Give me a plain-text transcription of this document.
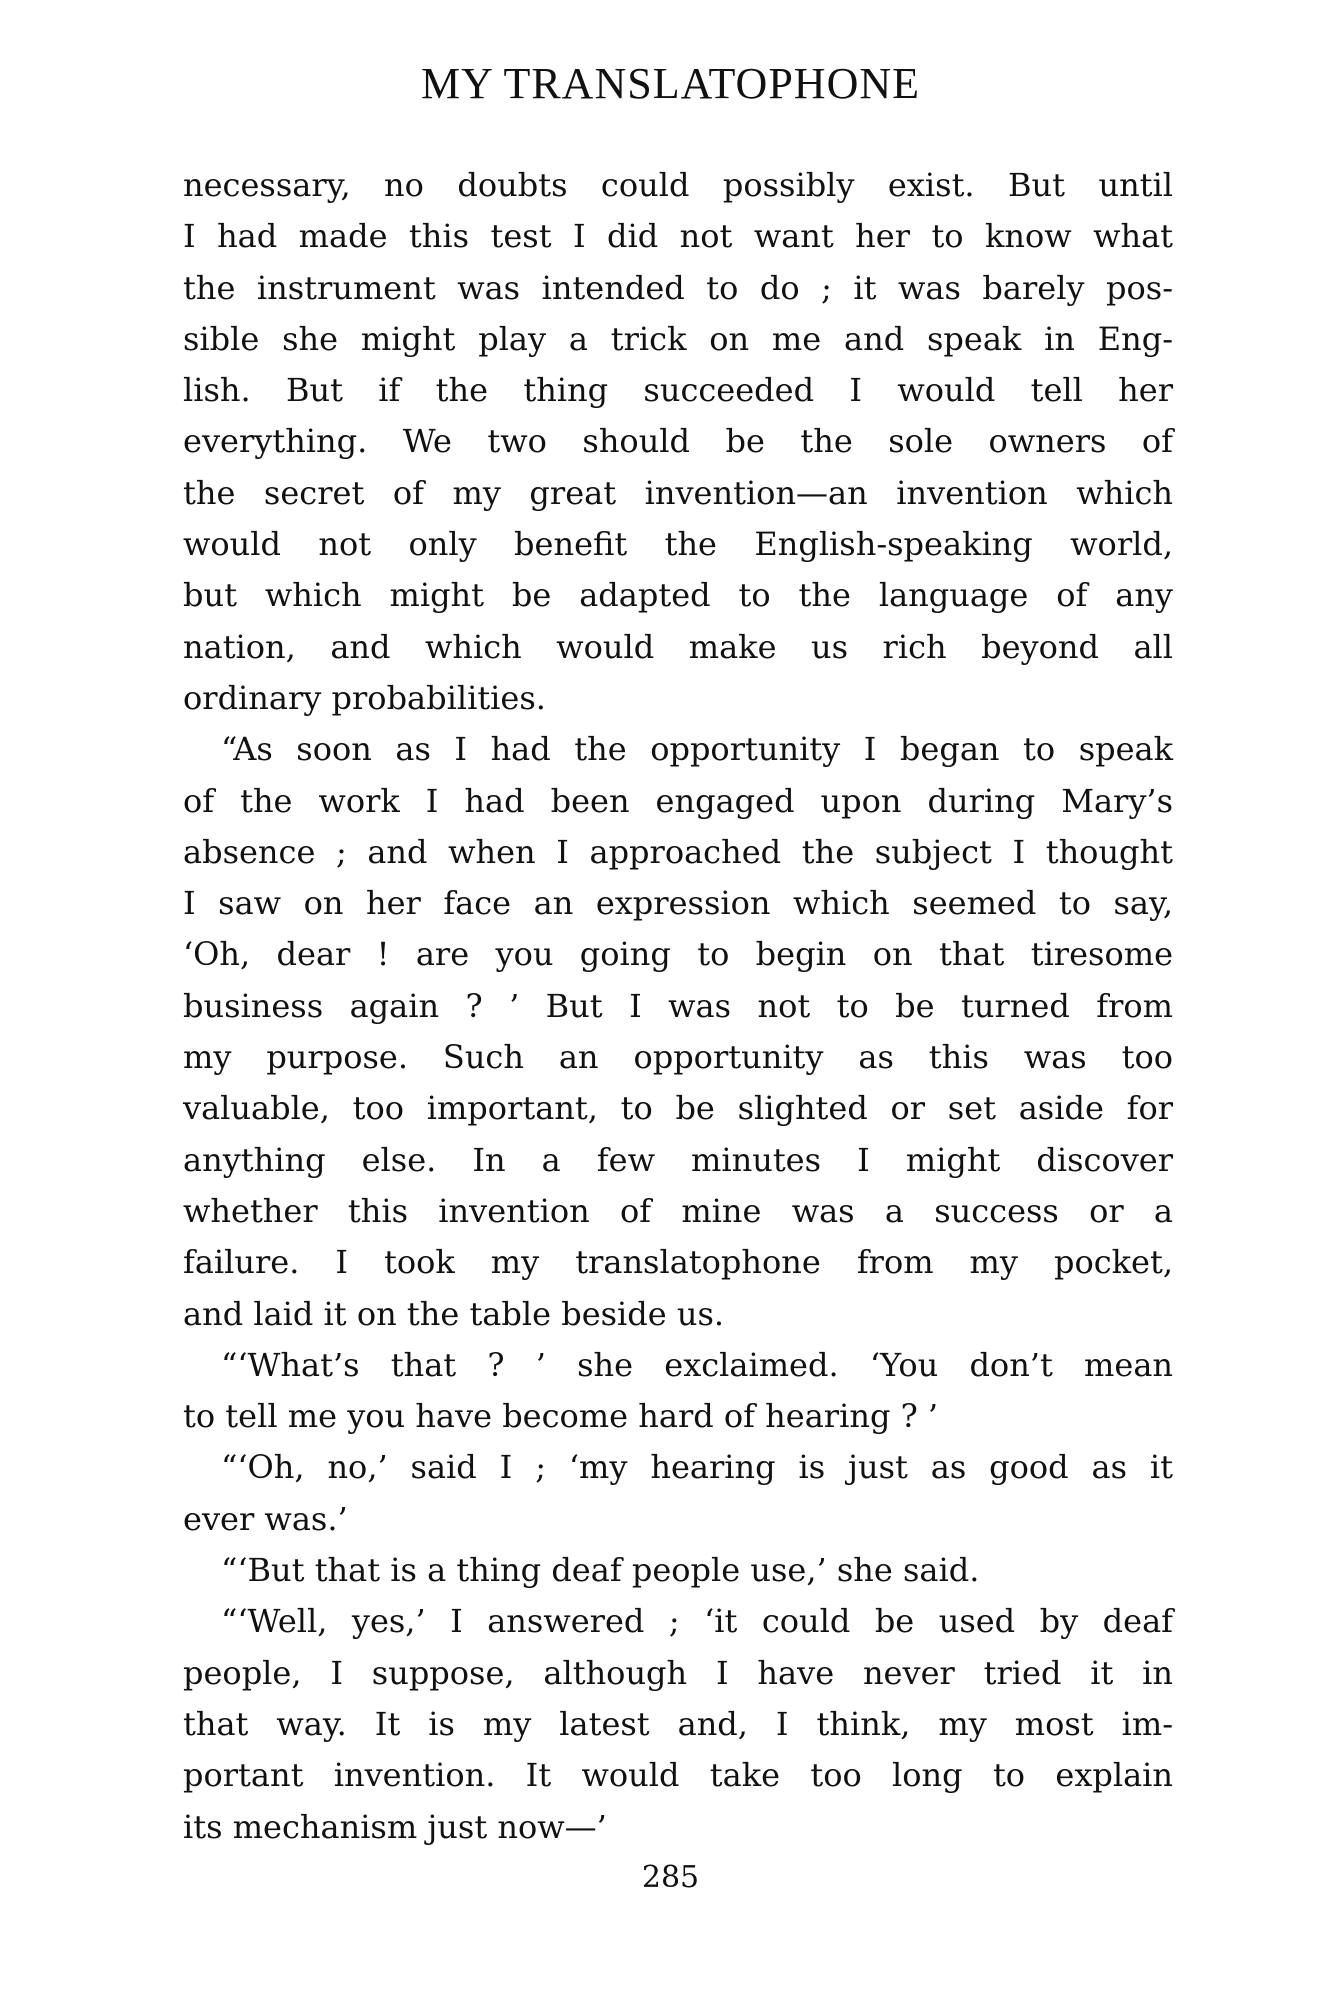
MY TRANSLATOPHONE
necessary, no doubts could possibly exist. But until
I had made this test I did not want her to know what
the instrument was intended to do ; it was barely pos-
sible she might play a trick on me and speak in Eng-
lish. But if the thing succeeded I would tell her
everything. We two should be the sole owners of
the secret of my great invention—an invention which
would not only benefit the English-speaking world,
but which might be adapted to the language of any
nation, and which would make us rich beyond all
ordinary probabilities.
“As soon as I had the opportunity I began to speak
of the work I had been engaged upon during Mary’s
absence ; and when I approached the subject I thought
I saw on her face an expression which seemed to say,
‘Oh, dear ! are you going to begin on that tiresome
business again ? ’ But I was not to be turned from
my purpose. Such an opportunity as this was too
valuable, too important, to be slighted or set aside for
anything else. In a few minutes I might discover
whether this invention of mine was a success or a
failure. I took my translatophone from my pocket,
and laid it on the table beside us.
“‘What’s that ? ’ she exclaimed. ‘You don’t mean
to tell me you have become hard of hearing ? ’
“‘Oh, no,’ said I ; ‘my hearing is just as good as it
ever was.’
“‘But that is a thing deaf people use,’ she said.
“‘Well, yes,’ I answered ; ‘it could be used by deaf
people, I suppose, although I have never tried it in
that way. It is my latest and, I think, my most im-
portant invention. It would take too long to explain
its mechanism just now—’
285
